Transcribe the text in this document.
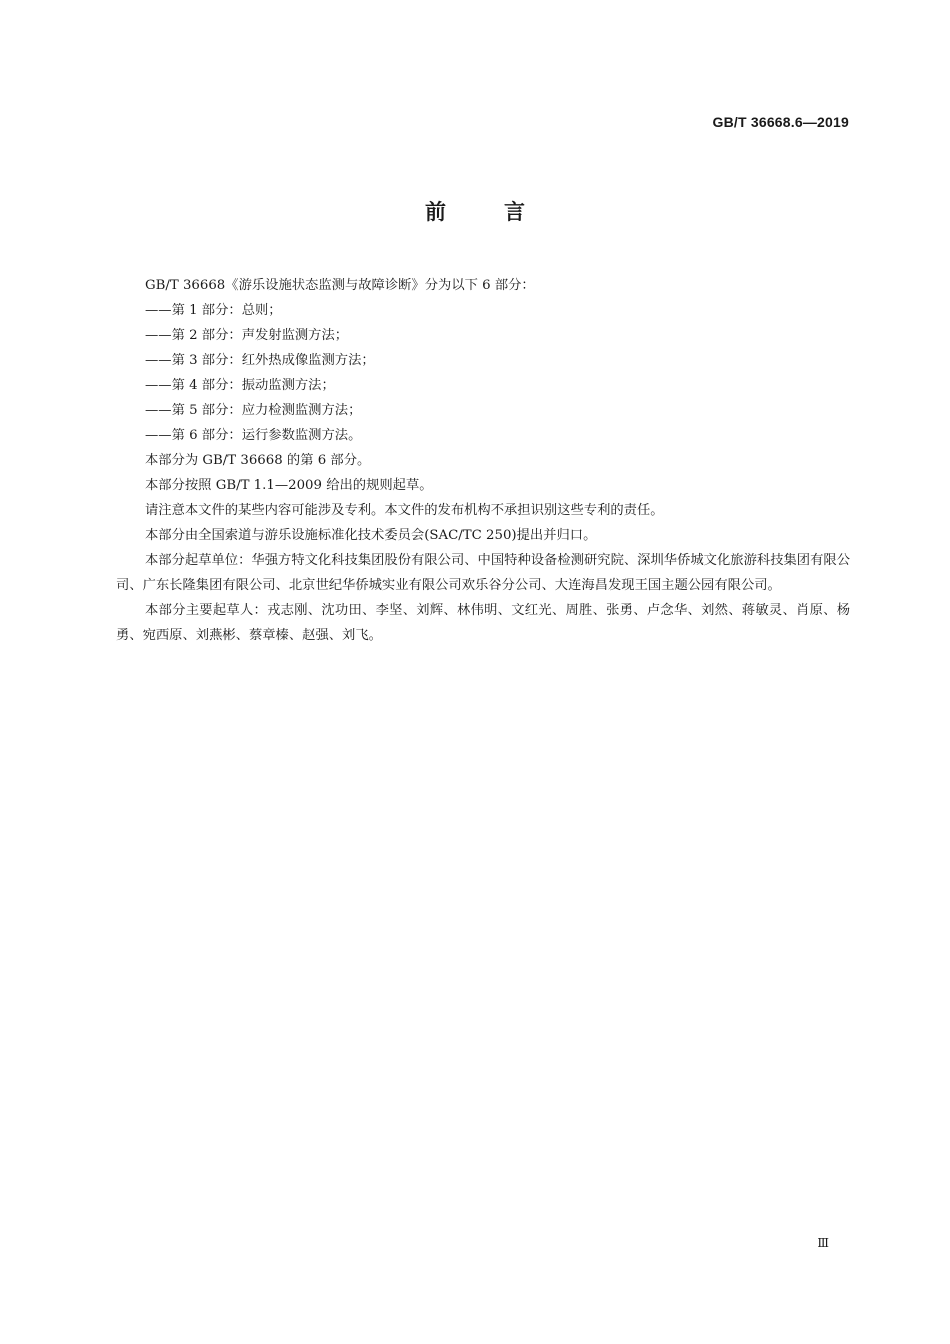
GB/T 36668.6—2019
前言

GB/T 36668《游乐设施状态监测与故障诊断》分为以下 6 部分：

——第 1 部分：总则；

——第 2 部分：声发射监测方法；

——第 3 部分：红外热成像监测方法；

——第 4 部分：振动监测方法；

——第 5 部分：应力检测监测方法；

——第 6 部分：运行参数监测方法。

本部分为 GB/T 36668 的第 6 部分。

本部分按照 GB/T 1.1—2009 给出的规则起草。

请注意本文件的某些内容可能涉及专利。本文件的发布机构不承担识别这些专利的责任。

本部分由全国索道与游乐设施标准化技术委员会(SAC/TC 250)提出并归口。

本部分起草单位：华强方特文化科技集团股份有限公司、中国特种设备检测研究院、深圳华侨城文化旅游科技集团有限公司、广东长隆集团有限公司、北京世纪华侨城实业有限公司欢乐谷分公司、大连海昌发现王国主题公园有限公司。

本部分主要起草人：戎志刚、沈功田、李坚、刘辉、林伟明、文红光、周胜、张勇、卢念华、刘然、蒋敏灵、肖原、杨勇、宛西原、刘燕彬、蔡章榛、赵强、刘飞。

Ⅲ
